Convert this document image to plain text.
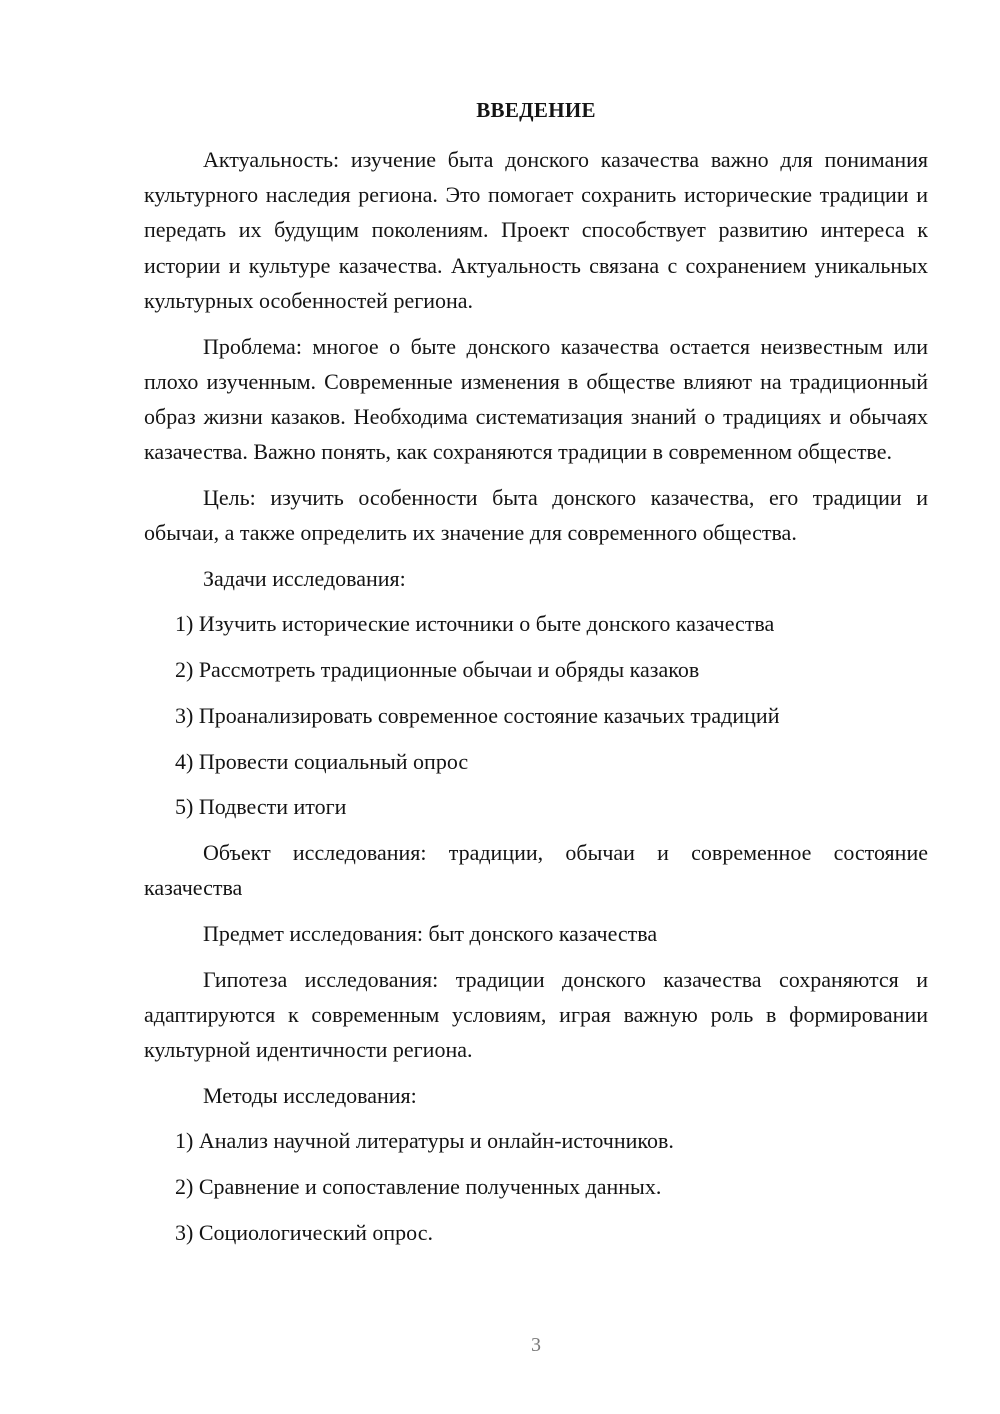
ВВЕДЕНИЕ

Актуальность: изучение быта донского казачества важно для понимания культурного наследия региона. Это помогает сохранить исторические традиции и передать их будущим поколениям. Проект способствует развитию интереса к истории и культуре казачества. Актуальность связана с сохранением уникальных культурных особенностей региона.

Проблема: многое о быте донского казачества остается неизвестным или плохо изученным. Современные изменения в обществе влияют на традиционный образ жизни казаков. Необходима систематизация знаний о традициях и обычаях казачества. Важно понять, как сохраняются традиции в современном обществе.

Цель: изучить особенности быта донского казачества, его традиции и обычаи, а также определить их значение для современного общества.

Задачи исследования:

1) Изучить исторические источники о быте донского казачества

2) Рассмотреть традиционные обычаи и обряды казаков

3) Проанализировать современное состояние казачьих традиций

4) Провести социальный опрос

5) Подвести итоги

Объект исследования: традиции, обычаи и современное состояние казачества

Предмет исследования: быт донского казачества

Гипотеза исследования: традиции донского казачества сохраняются и адаптируются к современным условиям, играя важную роль в формировании культурной идентичности региона.

Методы исследования:

1) Анализ научной литературы и онлайн-источников.

2) Сравнение и сопоставление полученных данных.

3) Социологический опрос.

3
